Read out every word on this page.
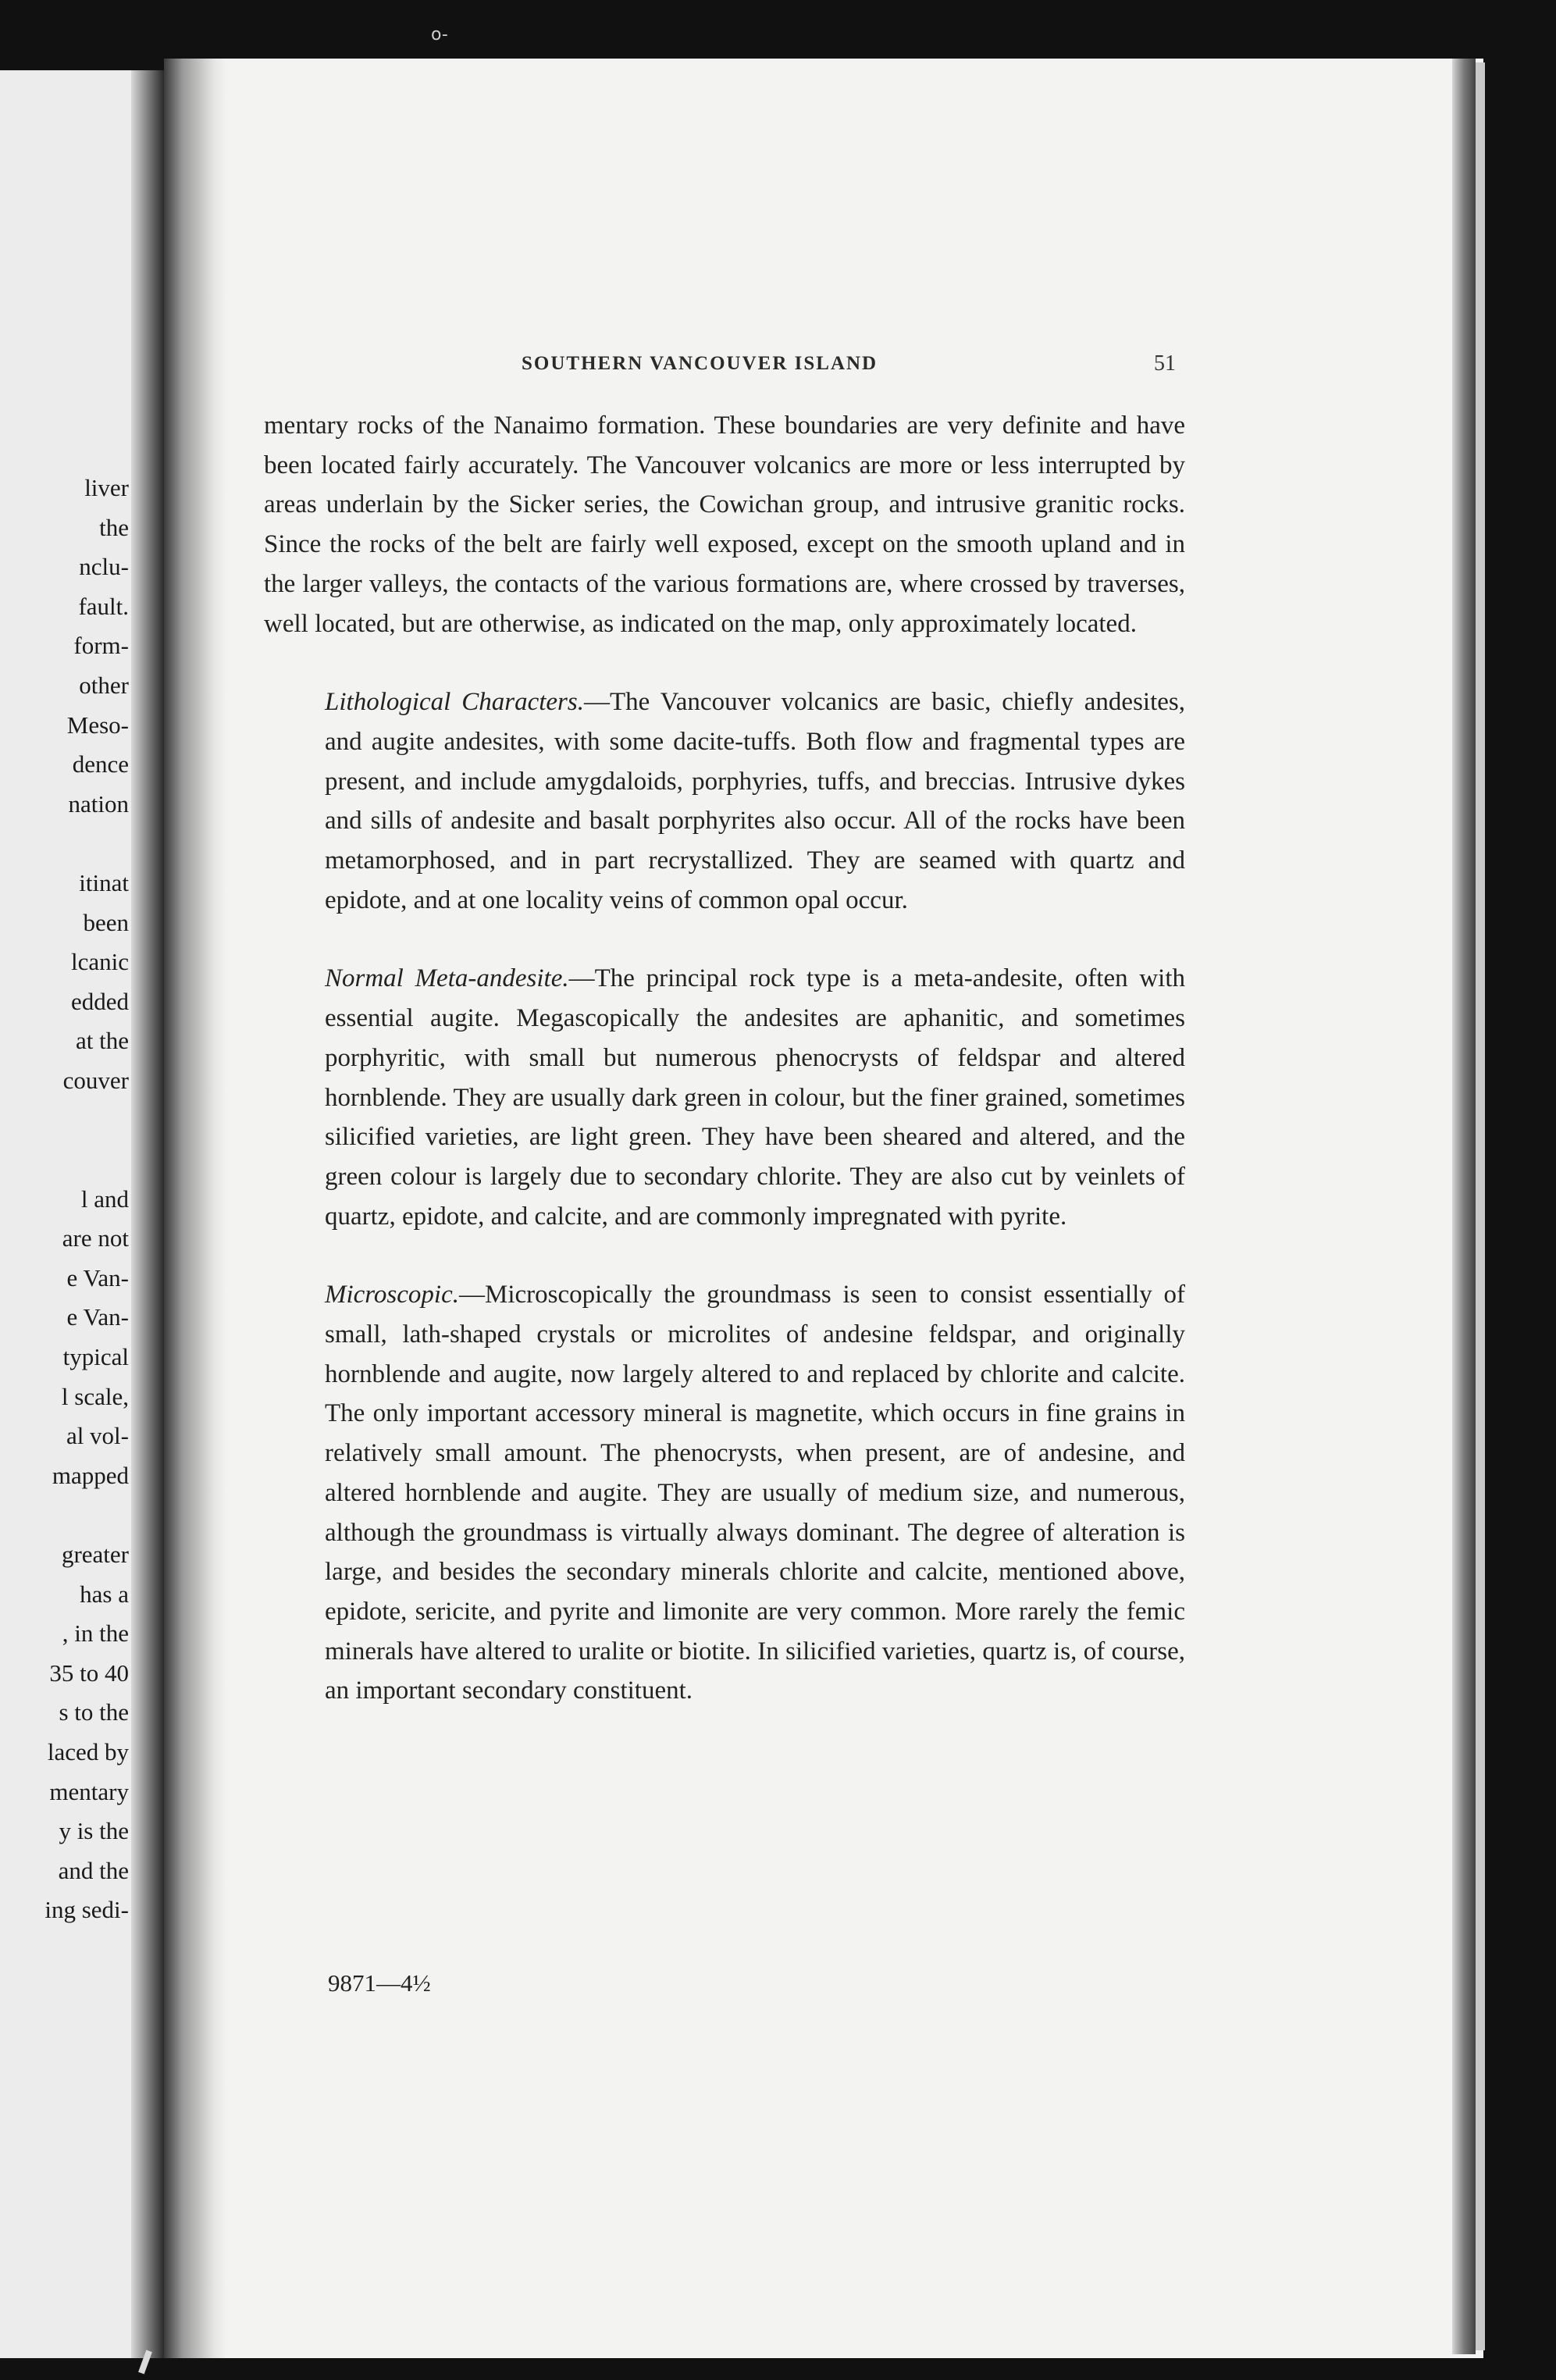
o-
liver
the
nclu-
fault.
form-
other
Meso-
dence
nation
itinat
been
lcanic
edded
at the
couver
l and
are not
e Van-
e Van-
typical
l scale,
al vol-
mapped
greater
has a
, in the
35 to 40
s to the
laced by
mentary
y is the
and the
ing sedi-
SOUTHERN VANCOUVER ISLAND	51

mentary rocks of the Nanaimo formation. These boundaries are very definite and have been located fairly accurately. The Vancouver volcanics are more or less interrupted by areas underlain by the Sicker series, the Cowichan group, and intrusive granitic rocks. Since the rocks of the belt are fairly well exposed, except on the smooth upland and in the larger valleys, the contacts of the various formations are, where crossed by traverses, well located, but are otherwise, as indicated on the map, only approximately located.

Lithological Characters.—The Vancouver volcanics are basic, chiefly andesites, and augite andesites, with some dacite-tuffs. Both flow and fragmental types are present, and include amygdaloids, porphyries, tuffs, and breccias. Intrusive dykes and sills of andesite and basalt porphyrites also occur. All of the rocks have been metamorphosed, and in part recrystallized. They are seamed with quartz and epidote, and at one locality veins of common opal occur.

Normal Meta-andesite.—The principal rock type is a meta-andesite, often with essential augite. Megascopically the andesites are aphanitic, and sometimes porphyritic, with small but numerous phenocrysts of feldspar and altered hornblende. They are usually dark green in colour, but the finer grained, sometimes silicified varieties, are light green. They have been sheared and altered, and the green colour is largely due to secondary chlorite. They are also cut by veinlets of quartz, epidote, and calcite, and are commonly impregnated with pyrite.

Microscopic.—Microscopically the groundmass is seen to consist essentially of small, lath-shaped crystals or microlites of andesine feldspar, and originally hornblende and augite, now largely altered to and replaced by chlorite and calcite. The only important accessory mineral is magnetite, which occurs in fine grains in relatively small amount. The phenocrysts, when present, are of andesine, and altered hornblende and augite. They are usually of medium size, and numerous, although the groundmass is virtually always dominant. The degree of alteration is large, and besides the secondary minerals chlorite and calcite, mentioned above, epidote, sericite, and pyrite and limonite are very common. More rarely the femic minerals have altered to uralite or biotite. In silicified varieties, quartz is, of course, an important secondary constituent.

9871—4½
